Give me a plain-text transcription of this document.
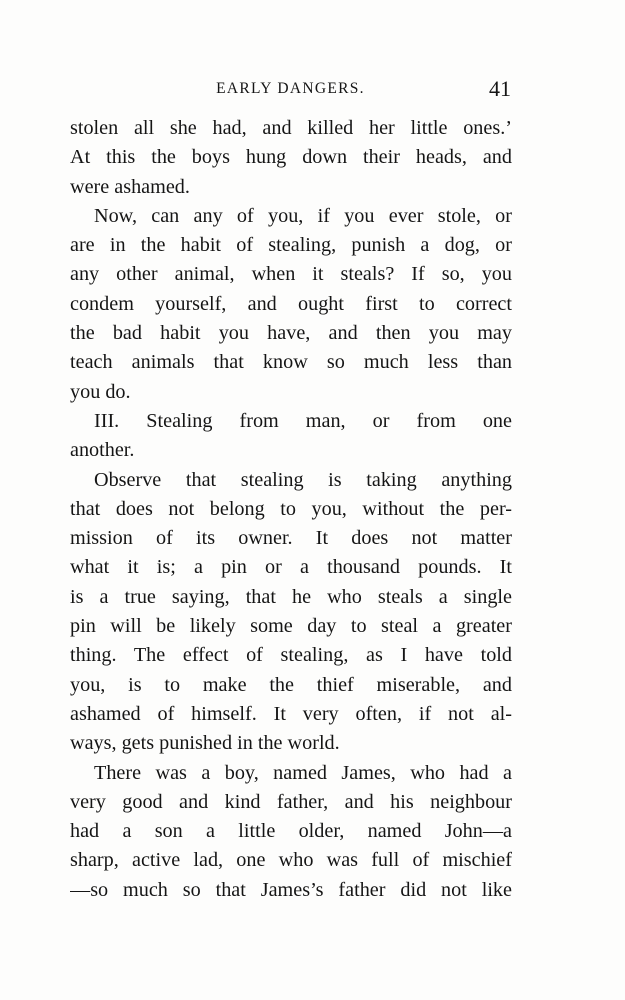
EARLY DANGERS.	41
stolen all she had, and killed her little ones.’
At this the boys hung down their heads, and
were ashamed.
Now, can any of you, if you ever stole, or
are in the habit of stealing, punish a dog, or
any other animal, when it steals? If so, you
condem yourself, and ought first to correct
the bad habit you have, and then you may
teach animals that know so much less than
you do.
III. Stealing from man, or from one
another.
Observe that stealing is taking anything
that does not belong to you, without the per-
mission of its owner. It does not matter
what it is; a pin or a thousand pounds. It
is a true saying, that he who steals a single
pin will be likely some day to steal a greater
thing. The effect of stealing, as I have told
you, is to make the thief miserable, and
ashamed of himself. It very often, if not al-
ways, gets punished in the world.
There was a boy, named James, who had a
very good and kind father, and his neighbour
had a son a little older, named John—a
sharp, active lad, one who was full of mischief
—so much so that James’s father did not like
